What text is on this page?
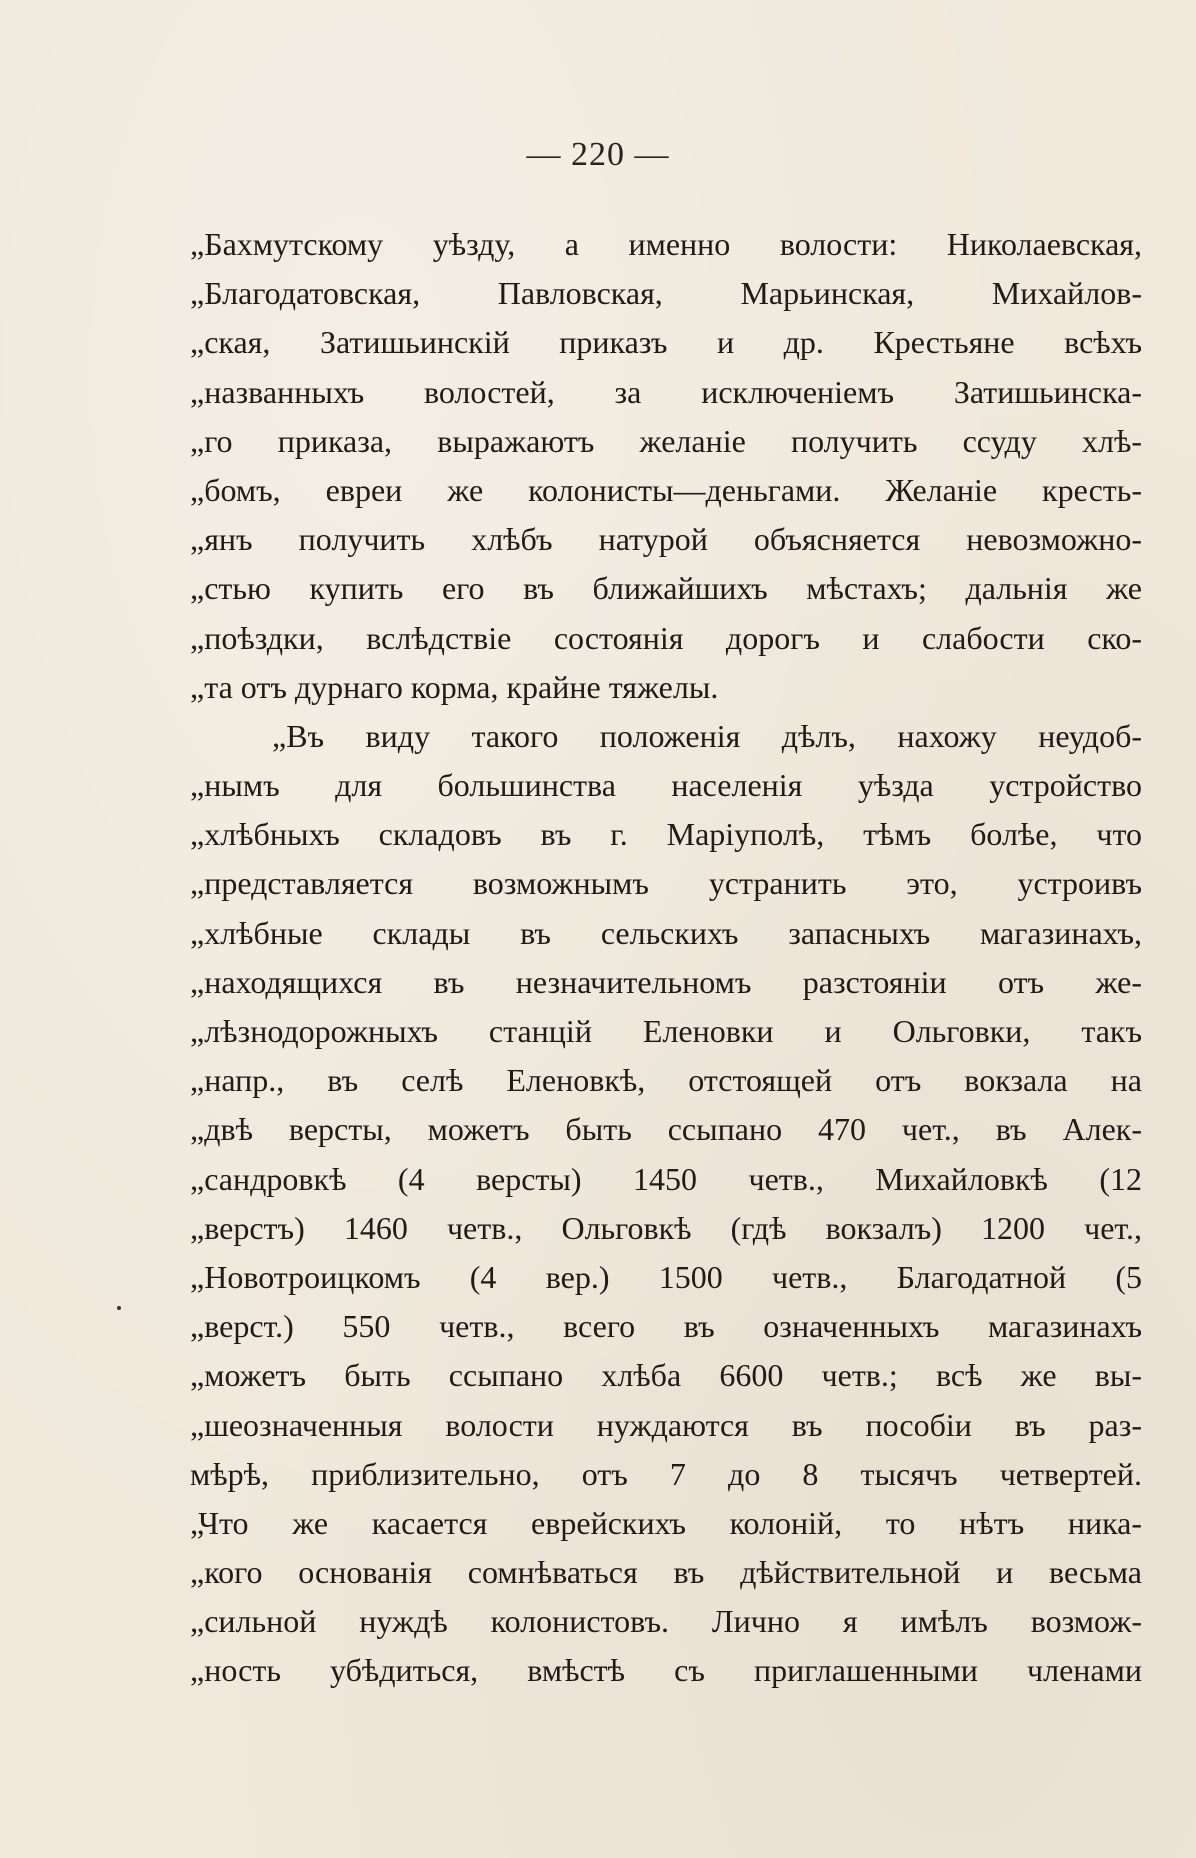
— 220 —
„Бахмутскому уѣзду, а именно волости: Николаевская,
„Благодатовская, Павловская, Марьинская, Михайлов-
„ская, Затишьинскій приказъ и др. Крестьяне всѣхъ
„названныхъ волостей, за исключеніемъ Затишьинска-
„го приказа, выражаютъ желаніе получить ссуду хлѣ-
„бомъ, евреи же колонисты—деньгами. Желаніе кресть-
„янъ получить хлѣбъ натурой объясняется невозможно-
„стью купить его въ ближайшихъ мѣстахъ; дальнія же
„поѣздки, вслѣдствіе состоянія дорогъ и слабости ско-
„та отъ дурнаго корма, крайне тяжелы.
„Въ виду такого положенія дѣлъ, нахожу неудоб-
„нымъ для большинства населенія уѣзда устройство
„хлѣбныхъ складовъ въ г. Маріуполѣ, тѣмъ болѣе, что
„представляется возможнымъ устранить это, устроивъ
„хлѣбные склады въ сельскихъ запасныхъ магазинахъ,
„находящихся въ незначительномъ разстояніи отъ же-
„лѣзнодорожныхъ станцій Еленовки и Ольговки, такъ
„напр., въ селѣ Еленовкѣ, отстоящей отъ вокзала на
„двѣ версты, можетъ быть ссыпано 470 чет., въ Алек-
„сандровкѣ (4 версты) 1450 четв., Михайловкѣ (12
„верстъ) 1460 четв., Ольговкѣ (гдѣ вокзалъ) 1200 чет.,
„Новотроицкомъ (4 вер.) 1500 четв., Благодатной (5
„верст.) 550 четв., всего въ означенныхъ магазинахъ
„можетъ быть ссыпано хлѣба 6600 четв.; всѣ же вы-
„шеозначенныя волости нуждаются въ пособіи въ раз-
мѣрѣ, приблизительно, отъ 7 до 8 тысячъ четвертей.
„Что же касается еврейскихъ колоній, то нѣтъ ника-
„кого основанія сомнѣваться въ дѣйствительной и весьма
„сильной нуждѣ колонистовъ. Лично я имѣлъ возмож-
„ность убѣдиться, вмѣстѣ съ приглашенными членами
